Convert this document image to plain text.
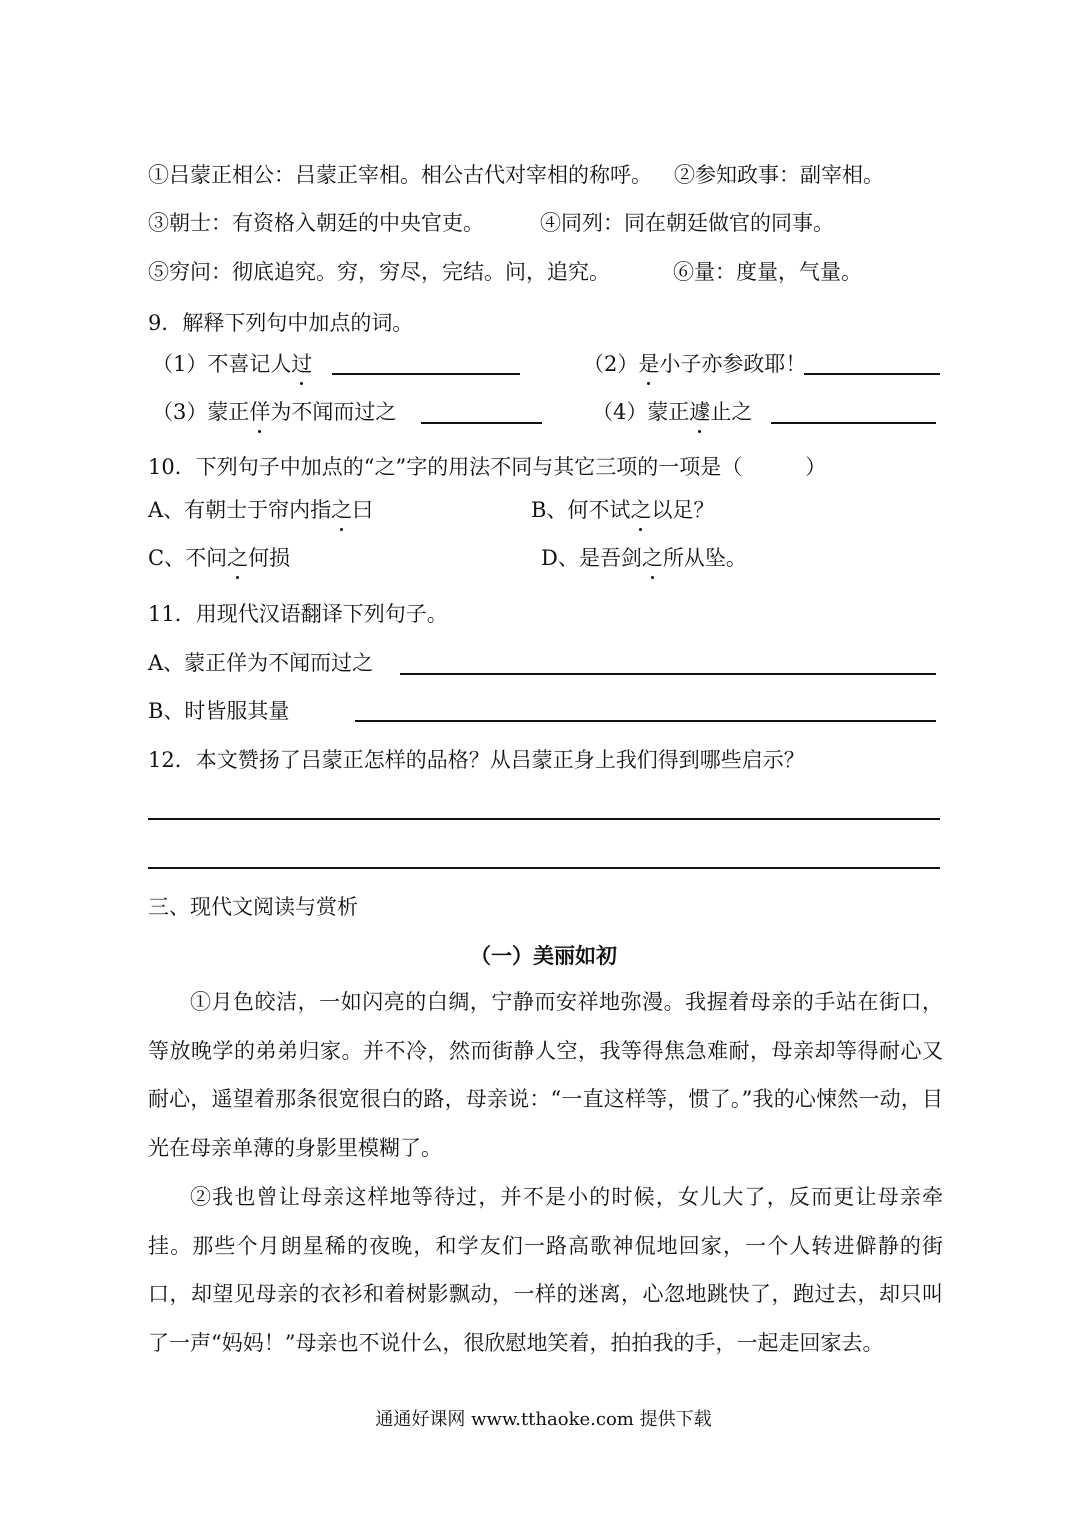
①吕蒙正相公：吕蒙正宰相。相公古代对宰相的称呼。 ②参知政事：副宰相。
③朝士：有资格入朝廷的中央官吏。	④同列：同在朝廷做官的同事。
⑤穷问：彻底追究。穷，穷尽，完结。问，追究。	⑥量：度量，气量。
9．解释下列句中加点的词。
（1）不喜记人过	（2）是小子亦参政耶！
（3）蒙正佯为不闻而过之	（4）蒙正遽止之
10．下列句子中加点的“之”字的用法不同与其它三项的一项是（　　　）
A、有朝士于帘内指之曰	B、何不试之以足？
C、不问之何损	D、是吾剑之所从坠。
11．用现代汉语翻译下列句子。
A、蒙正佯为不闻而过之
B、时皆服其量
12．本文赞扬了吕蒙正怎样的品格？从吕蒙正身上我们得到哪些启示？
三、现代文阅读与赏析
（一）美丽如初
①月色皎洁，一如闪亮的白绸，宁静而安祥地弥漫。我握着母亲的手站在街口，等放晚学的弟弟归家。并不冷，然而街静人空，我等得焦急难耐，母亲却等得耐心又耐心，遥望着那条很宽很白的路，母亲说：“一直这样等，惯了。”我的心悚然一动，目光在母亲单薄的身影里模糊了。
②我也曾让母亲这样地等待过，并不是小的时候，女儿大了，反而更让母亲牵挂。那些个月朗星稀的夜晚，和学友们一路高歌神侃地回家，一个人转进僻静的街口，却望见母亲的衣衫和着树影飘动，一样的迷离，心忽地跳快了，跑过去，却只叫了一声“妈妈！”母亲也不说什么，很欣慰地笑着，拍拍我的手，一起走回家去。
通通好课网 www.tthaoke.com 提供下载
